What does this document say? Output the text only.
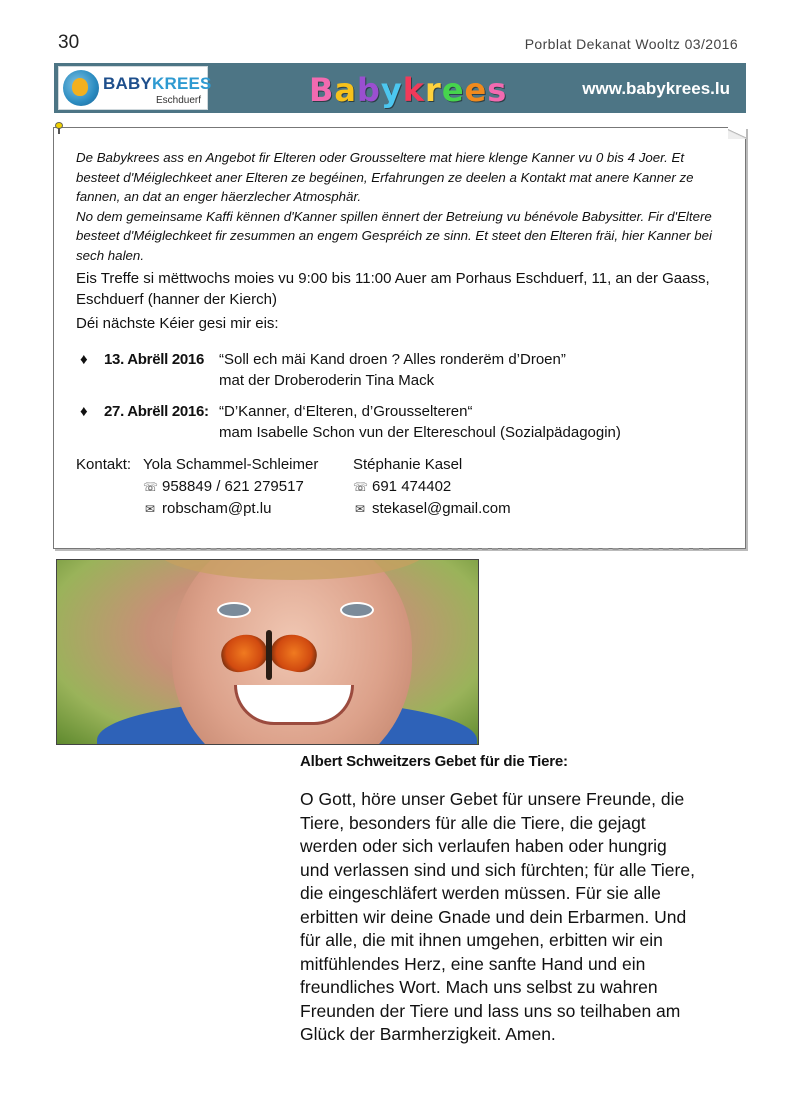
30	Porblat Dekanat Wooltz 03/2016
BABYKREES
Eschduerf	Babykrees	www.babykrees.lu

De Babykrees ass en Angebot fir Elteren oder Grousseltere mat hiere klenge Kanner vu 0 bis 4 Joer. Et besteet d'Méiglechkeet aner Elteren ze begéinen, Erfahrungen ze deelen a Kontakt mat anere Kanner ze fannen, an dat an enger häerzlecher Atmosphär.

No dem gemeinsame Kaffi kënnen d'Kanner spillen ënnert der Betreiung vu bénévole Babysitter. Fir d'Eltere besteet d'Méiglechkeet fir zesummen an engem Gespréich ze sinn. Et steet den Elteren fräi, hier Kanner bei sech halen.

Eis Treffe si mëttwochs moies vu 9:00 bis 11:00 Auer am Porhaus Eschduerf, 11, an der Gaass, Eschduerf (hanner der Kierch)

Déi nächste Kéier gesi mir eis:

♦ 13. Abrëll 2016 “Soll ech mäi Kand droen ? Alles ronderëm d’Droen”
mat der Droberoderin Tina Mack
♦ 27. Abrëll 2016: “D’Kanner, d‘Elteren, d’Grousselteren“
mam Isabelle Schon vun der Eltereschoul (Sozialpädagogin)
Kontakt: Yola Schammel-Schleimer
☏ 958849 / 621 279517
✉ robscham@pt.lu
Stéphanie Kasel
☏ 691 474402
✉ stekasel@gmail.com
Albert Schweitzers Gebet für die Tiere:

O Gott, höre unser Gebet für unsere Freunde, die Tiere, besonders für alle die Tiere, die gejagt werden oder sich verlaufen haben oder hungrig und verlassen sind und sich fürchten; für alle Tiere, die eingeschläfert werden müssen. Für sie alle erbitten wir deine Gnade und dein Erbarmen. Und für alle, die mit ihnen umgehen, erbitten wir ein mitfühlendes Herz, eine sanfte Hand und ein freundliches Wort. Mach uns selbst zu wahren Freunden der Tiere und lass uns so teilhaben am Glück der Barmherzigkeit. Amen.
